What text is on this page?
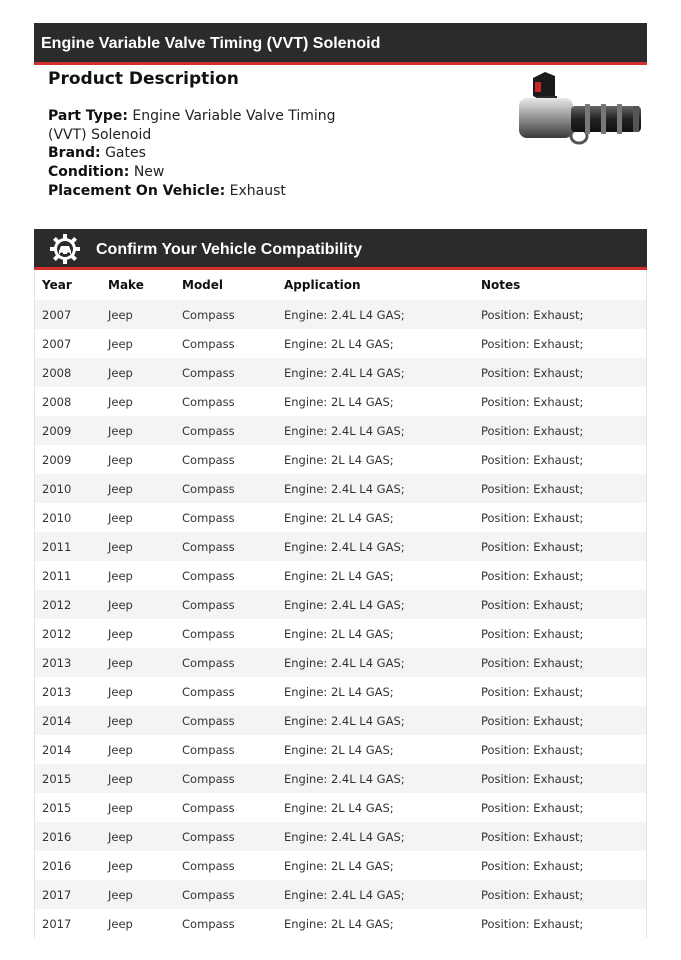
Engine Variable Valve Timing (VVT) Solenoid
Product Description

Part Type: Engine Variable Valve Timing (VVT) Solenoid

Brand: Gates

Condition: New

Placement On Vehicle: Exhaust

Confirm Your Vehicle Compatibility
Year	Make	Model	Application	Notes
2007	Jeep	Compass	Engine: 2.4L L4 GAS;	Position: Exhaust;
2007	Jeep	Compass	Engine: 2L L4 GAS;	Position: Exhaust;
2008	Jeep	Compass	Engine: 2.4L L4 GAS;	Position: Exhaust;
2008	Jeep	Compass	Engine: 2L L4 GAS;	Position: Exhaust;
2009	Jeep	Compass	Engine: 2.4L L4 GAS;	Position: Exhaust;
2009	Jeep	Compass	Engine: 2L L4 GAS;	Position: Exhaust;
2010	Jeep	Compass	Engine: 2.4L L4 GAS;	Position: Exhaust;
2010	Jeep	Compass	Engine: 2L L4 GAS;	Position: Exhaust;
2011	Jeep	Compass	Engine: 2.4L L4 GAS;	Position: Exhaust;
2011	Jeep	Compass	Engine: 2L L4 GAS;	Position: Exhaust;
2012	Jeep	Compass	Engine: 2.4L L4 GAS;	Position: Exhaust;
2012	Jeep	Compass	Engine: 2L L4 GAS;	Position: Exhaust;
2013	Jeep	Compass	Engine: 2.4L L4 GAS;	Position: Exhaust;
2013	Jeep	Compass	Engine: 2L L4 GAS;	Position: Exhaust;
2014	Jeep	Compass	Engine: 2.4L L4 GAS;	Position: Exhaust;
2014	Jeep	Compass	Engine: 2L L4 GAS;	Position: Exhaust;
2015	Jeep	Compass	Engine: 2.4L L4 GAS;	Position: Exhaust;
2015	Jeep	Compass	Engine: 2L L4 GAS;	Position: Exhaust;
2016	Jeep	Compass	Engine: 2.4L L4 GAS;	Position: Exhaust;
2016	Jeep	Compass	Engine: 2L L4 GAS;	Position: Exhaust;
2017	Jeep	Compass	Engine: 2.4L L4 GAS;	Position: Exhaust;
2017	Jeep	Compass	Engine: 2L L4 GAS;	Position: Exhaust;
